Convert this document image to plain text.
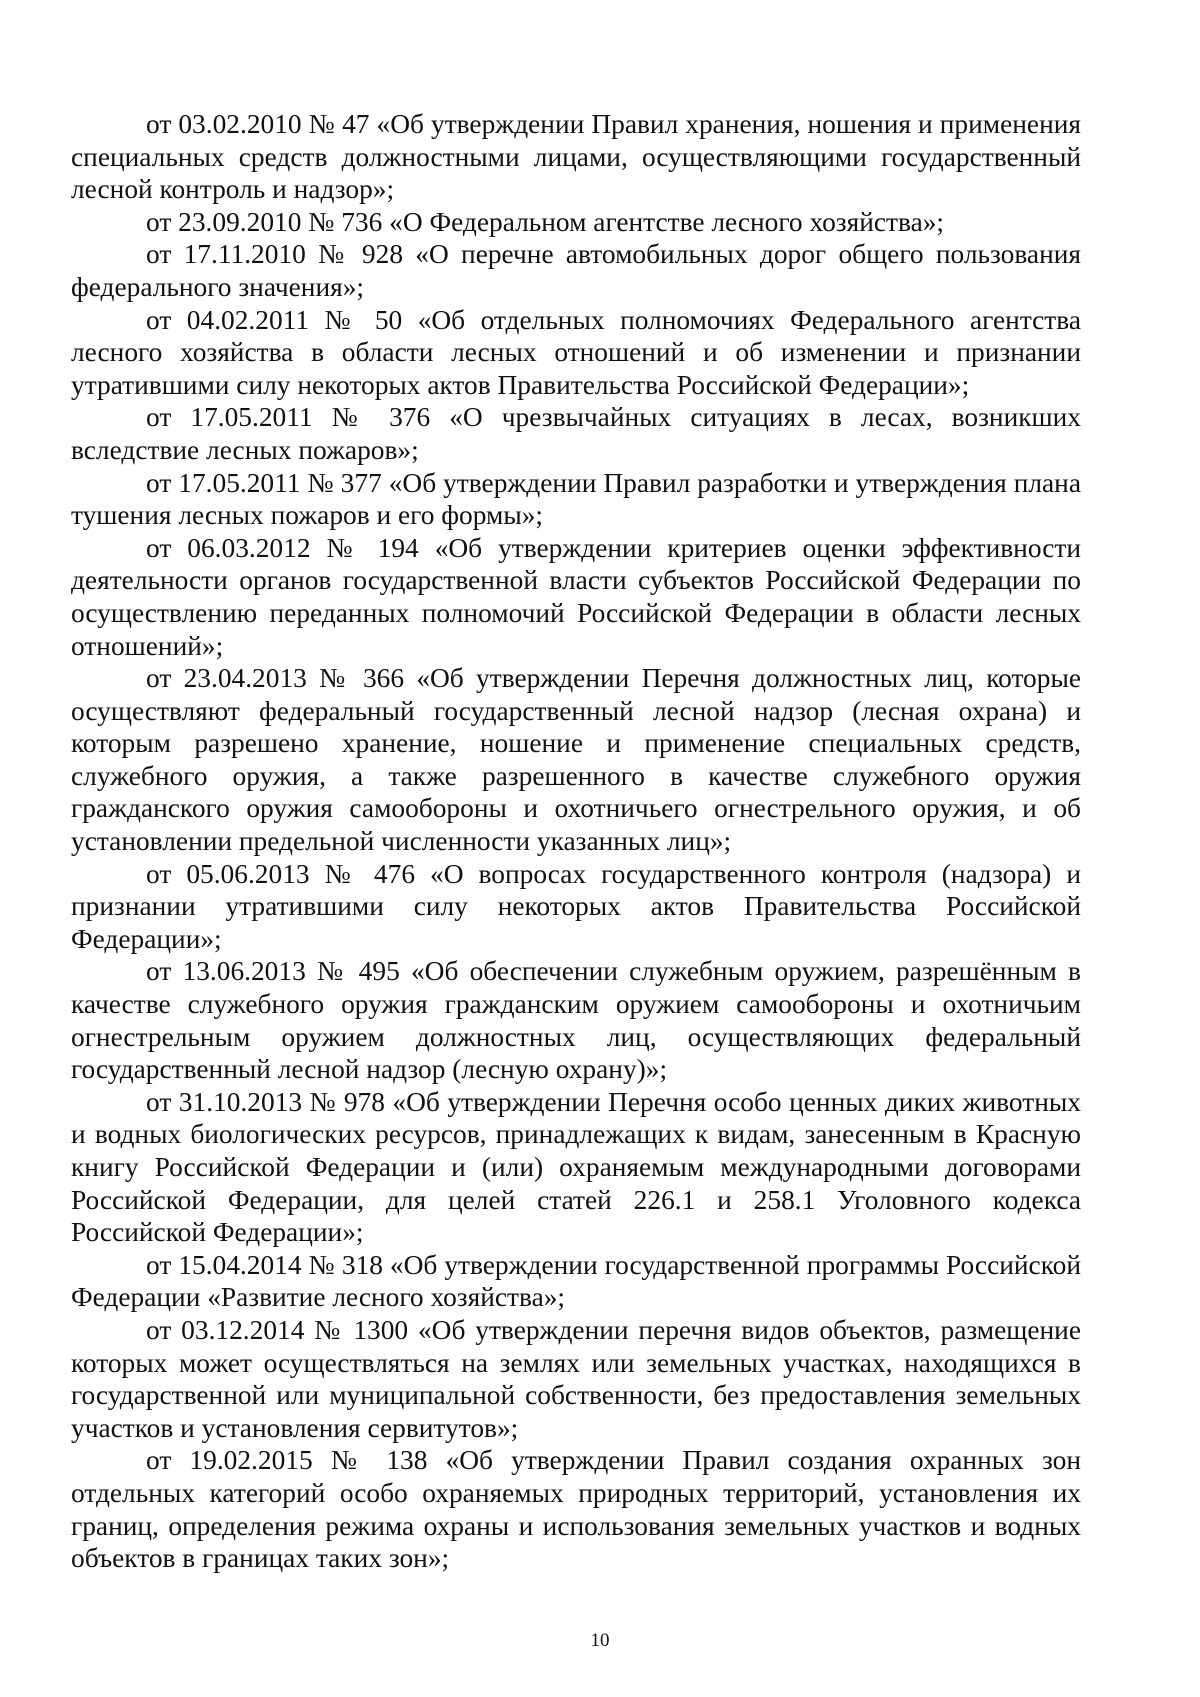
от 03.02.2010 № 47 «Об утверждении Правил хранения, ношения и применения специальных средств должностными лицами, осуществляющими государственный лесной контроль и надзор»;

от 23.09.2010 № 736 «О Федеральном агентстве лесного хозяйства»;

от 17.11.2010 № 928 «О перечне автомобильных дорог общего пользования федерального значения»;

от 04.02.2011 № 50 «Об отдельных полномочиях Федерального агентства лесного хозяйства в области лесных отношений и об изменении и признании утратившими силу некоторых актов Правительства Российской Федерации»;

от 17.05.2011 № 376 «О чрезвычайных ситуациях в лесах, возникших вследствие лесных пожаров»;

от 17.05.2011 № 377 «Об утверждении Правил разработки и утверждения плана тушения лесных пожаров и его формы»;

от 06.03.2012 № 194 «Об утверждении критериев оценки эффективности деятельности органов государственной власти субъектов Российской Федерации по осуществлению переданных полномочий Российской Федерации в области лесных отношений»;

от 23.04.2013 № 366 «Об утверждении Перечня должностных лиц, которые осуществляют федеральный государственный лесной надзор (лесная охрана) и которым разрешено хранение, ношение и применение специальных средств, служебного оружия, а также разрешенного в качестве служебного оружия гражданского оружия самообороны и охотничьего огнестрельного оружия, и об установлении предельной численности указанных лиц»;

от 05.06.2013 № 476 «О вопросах государственного контроля (надзора) и признании утратившими силу некоторых актов Правительства Российской Федерации»;

от 13.06.2013 № 495 «Об обеспечении служебным оружием, разрешённым в качестве служебного оружия гражданским оружием самообороны и охотничьим огнестрельным оружием должностных лиц, осуществляющих федеральный государственный лесной надзор (лесную охрану)»;

от 31.10.2013 № 978 «Об утверждении Перечня особо ценных диких животных и водных биологических ресурсов, принадлежащих к видам, занесенным в Красную книгу Российской Федерации и (или) охраняемым международными договорами Российской Федерации, для целей статей 226.1 и 258.1 Уголовного кодекса Российской Федерации»;

от 15.04.2014 № 318 «Об утверждении государственной программы Российской Федерации «Развитие лесного хозяйства»;

от 03.12.2014 № 1300 «Об утверждении перечня видов объектов, размещение которых может осуществляться на землях или земельных участках, находящихся в государственной или муниципальной собственности, без предоставления земельных участков и установления сервитутов»;

от 19.02.2015 № 138 «Об утверждении Правил создания охранных зон отдельных категорий особо охраняемых природных территорий, установления их границ, определения режима охраны и использования земельных участков и водных объектов в границах таких зон»;

10
